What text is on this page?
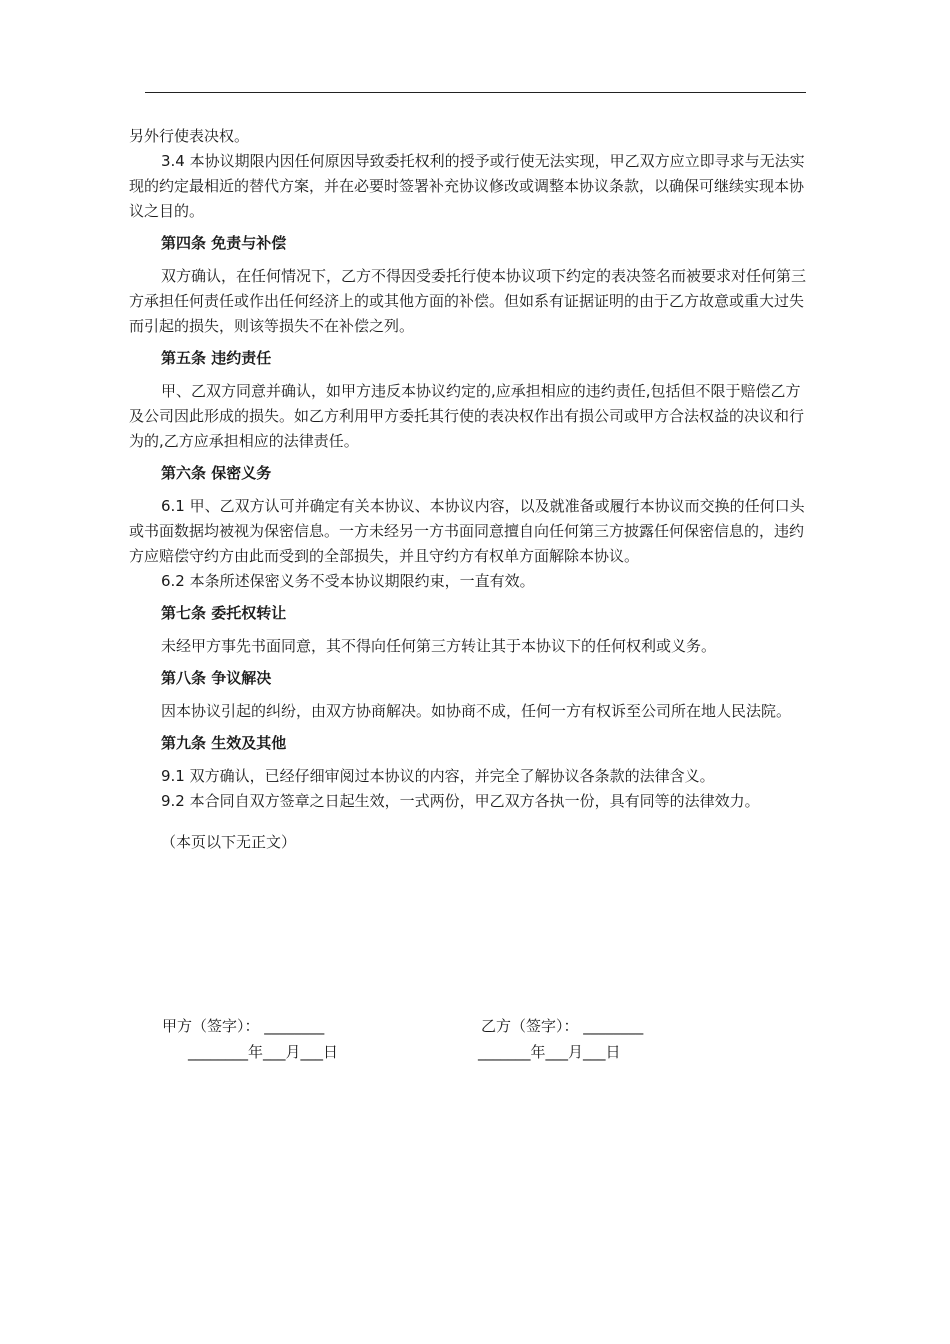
另外行使表决权。

3.4 本协议期限内因任何原因导致委托权利的授予或行使无法实现，甲乙双方应立即寻求与无法实现的约定最相近的替代方案，并在必要时签署补充协议修改或调整本协议条款，以确保可继续实现本协议之目的。

第四条 免责与补偿

双方确认，在任何情况下，乙方不得因受委托行使本协议项下约定的表决签名而被要求对任何第三方承担任何责任或作出任何经济上的或其他方面的补偿。但如系有证据证明的由于乙方故意或重大过失而引起的损失，则该等损失不在补偿之列。

第五条 违约责任

甲、乙双方同意并确认，如甲方违反本协议约定的,应承担相应的违约责任,包括但不限于赔偿乙方及公司因此形成的损失。如乙方利用甲方委托其行使的表决权作出有损公司或甲方合法权益的决议和行为的,乙方应承担相应的法律责任。

第六条 保密义务

6.1 甲、乙双方认可并确定有关本协议、本协议内容，以及就准备或履行本协议而交换的任何口头或书面数据均被视为保密信息。一方未经另一方书面同意擅自向任何第三方披露任何保密信息的，违约方应赔偿守约方由此而受到的全部损失，并且守约方有权单方面解除本协议。

6.2 本条所述保密义务不受本协议期限约束，一直有效。

第七条 委托权转让

未经甲方事先书面同意，其不得向任何第三方转让其于本协议下的任何权利或义务。

第八条 争议解决

因本协议引起的纠纷，由双方协商解决。如协商不成，任何一方有权诉至公司所在地人民法院。

第九条 生效及其他

9.1 双方确认，已经仔细审阅过本协议的内容，并完全了解协议各条款的法律含义。

9.2 本合同自双方签章之日起生效，一式两份，甲乙双方各执一份，具有同等的法律效力。

（本页以下无正文）

甲方（签字）： ________
________年___月___日
乙方（签字）： ________
_______年___月___日
